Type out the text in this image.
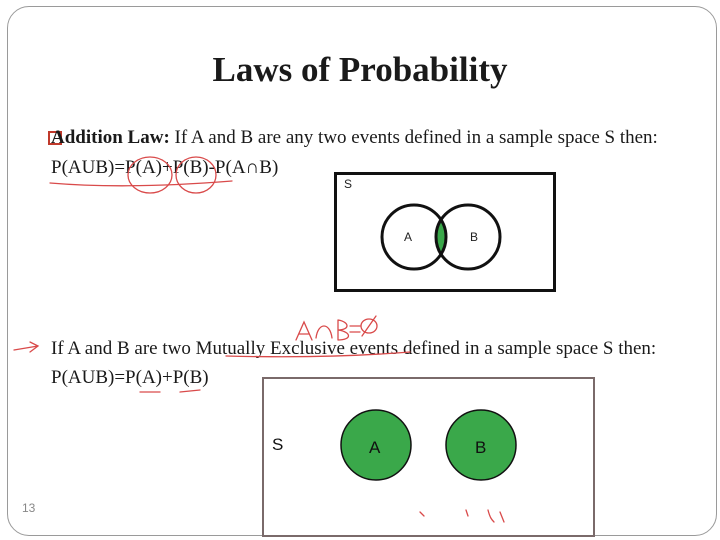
Laws of Probability
Addition Law: If A and B are any two events defined in a sample space S then:
P(AUB)=P(A)+P(B)-P(A∩B)
S
A	B
If A and B are two Mutually Exclusive events defined in a sample space S then:
P(AUB)=P(A)+P(B)
S	A	B
13
